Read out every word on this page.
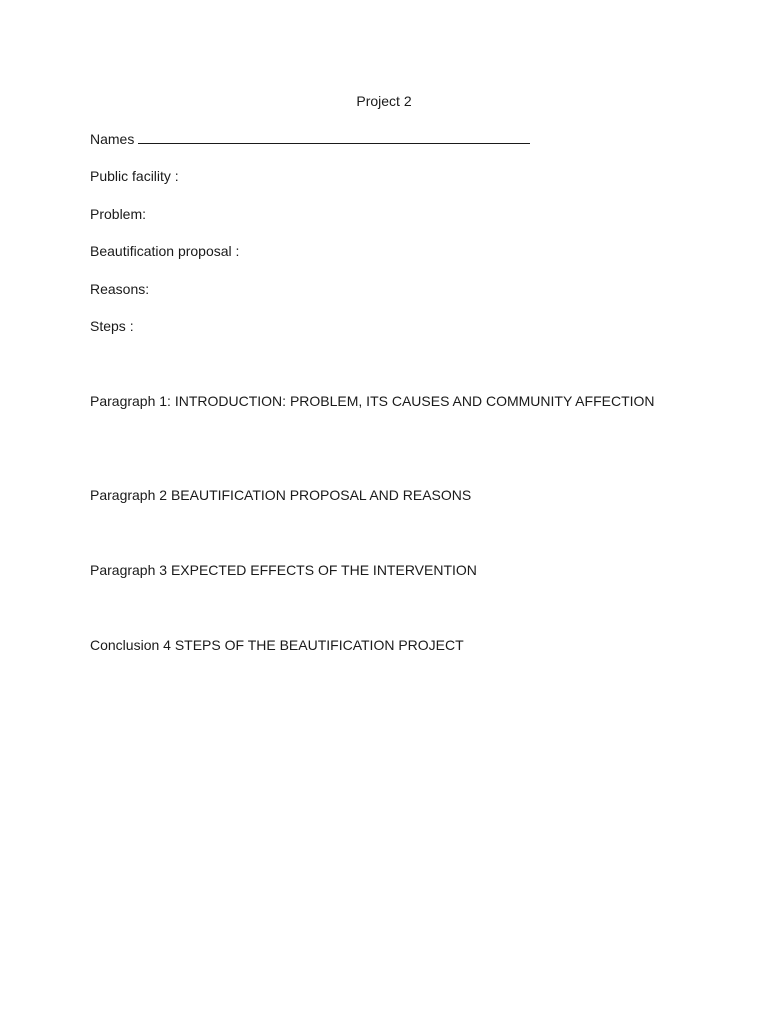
Project 2
Names
Public facility :
Problem:
Beautification proposal :
Reasons:
Steps :
Paragraph 1: INTRODUCTION: PROBLEM, ITS CAUSES AND COMMUNITY AFFECTION
Paragraph 2 BEAUTIFICATION PROPOSAL AND REASONS
Paragraph 3 EXPECTED EFFECTS OF THE INTERVENTION
Conclusion 4 STEPS OF THE BEAUTIFICATION PROJECT
